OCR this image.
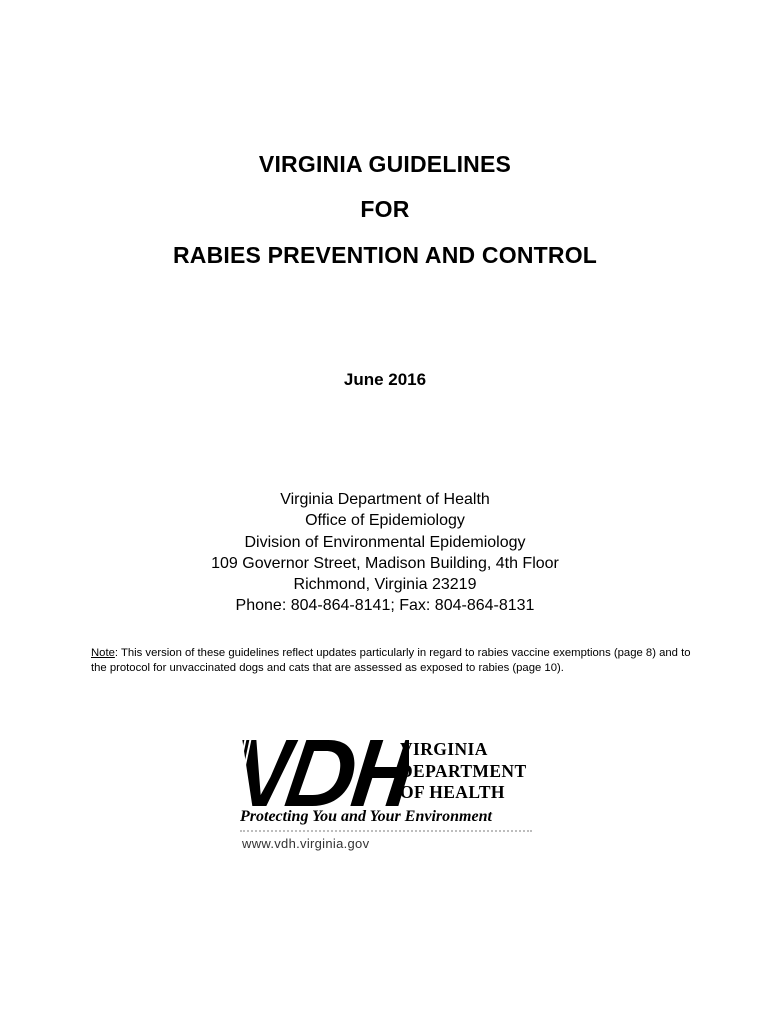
VIRGINIA GUIDELINES
FOR
RABIES PREVENTION AND CONTROL
June 2016
Virginia Department of Health
Office of Epidemiology
Division of Environmental Epidemiology
109 Governor Street, Madison Building, 4th Floor
Richmond, Virginia 23219
Phone: 804-864-8141; Fax: 804-864-8131
Note: This version of these guidelines reflect updates particularly in regard to rabies vaccine exemptions (page 8) and to the protocol for unvaccinated dogs and cats that are assessed as exposed to rabies (page 10).
VIRGINIA
DEPARTMENT
OF HEALTH
Protecting You and Your Environment
www.vdh.virginia.gov
